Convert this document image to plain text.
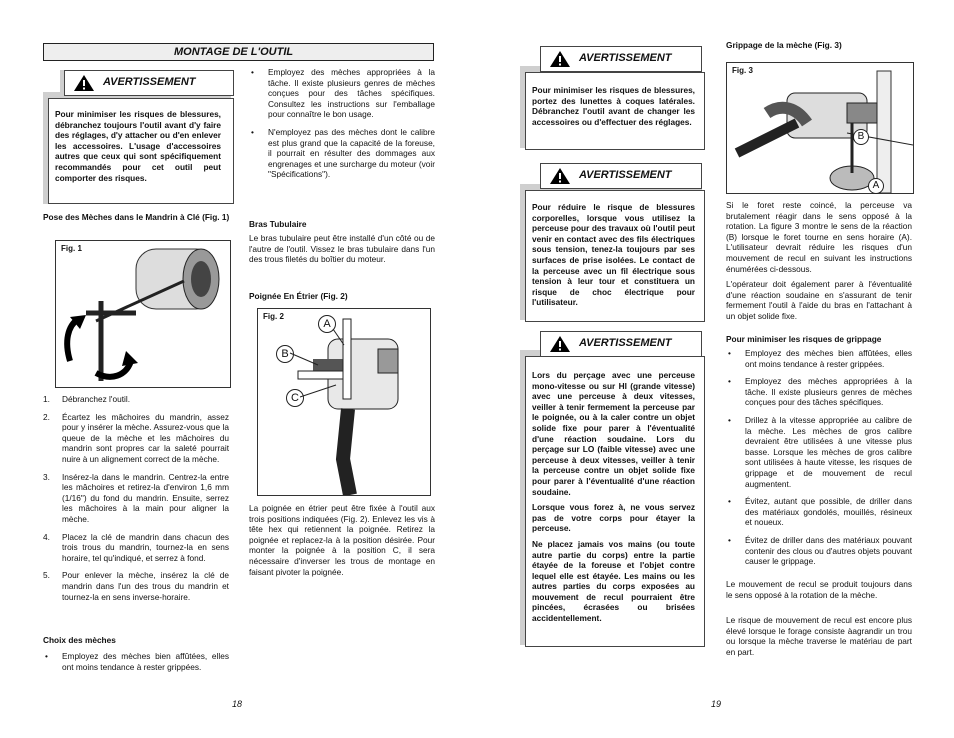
MONTAGE DE L'OUTIL
AVERTISSEMENT
Pour minimiser les risques de blessures, débranchez toujours l'outil avant d'y faire des réglages, d'y attacher ou d'en enlever les accessoires. L'usage d'accessoires autres que ceux qui sont spécifiquement recommandés pour cet outil peut comporter des risques.
Pose des Mèches dans le Mandrin à Clé (Fig. 1)
Fig. 1
1. Débranchez l'outil.
2. Écartez les mâchoires du mandrin, assez pour y insérer la mèche. Assurez-vous que la queue de la mèche et les mâchoires du mandrin sont propres car la saleté pourrait nuire à un alignement correct de la mèche.
3. Insérez-la dans le mandrin. Centrez-la entre les mâchoires et retirez-la d'environ 1,6 mm (1/16") du fond du mandrin. Ensuite, serrez les mâchoires à la main pour aligner la mèche.
4. Placez la clé de mandrin dans chacun des trois trous du mandrin, tournez-la en sens horaire, tel qu'indiqué, et serrez à fond.
5. Pour enlever la mèche, insérez la clé de mandrin dans l'un des trous du mandrin et tournez-la en sens inverse-horaire.
Choix des mèches
• Employez des mèches bien affûtées, elles ont moins tendance à rester grippées.
• Employez des mèches appropriées à la tâche. Il existe plusieurs genres de mèches conçues pour des tâches spécifiques. Consultez les instructions sur l'emballage pour connaître le bon usage.
• N'employez pas des mèches dont le calibre est plus grand que la capacité de la foreuse, il pourrait en résulter des dommages aux engrenages et une surcharge du moteur (voir "Spécifications").
Bras Tubulaire
Le bras tubulaire peut être installé d'un côté ou de l'autre de l'outil. Vissez le bras tubulaire dans l'un des trous filetés du boîtier du moteur.
Poignée En Étrier (Fig. 2)
Fig. 2
A
B
C
La poignée en étrier peut être fixée à l'outil aux trois positions indiquées (Fig. 2). Enlevez les vis à tête hex qui retiennent la poignée. Retirez la poignée et replacez-la à la position désirée. Pour monter la poignée à la position C, il sera nécessaire d'inverser les trous de montage en faisant pivoter la poignée.
18
AVERTISSEMENT
Pour minimiser les risques de blessures, portez des lunettes à coques latérales. Débranchez l'outil avant de changer les accessoires ou d'effectuer des réglages.
AVERTISSEMENT
Pour réduire le risque de blessures corporelles, lorsque vous utilisez la perceuse pour des travaux où l'outil peut venir en contact avec des fils électriques sous tension, tenez-la toujours par ses surfaces de prise isolées. Le contact de la perceuse avec un fil électrique sous tension à leur tour et constituera un risque de choc électrique pour l'utilisateur.
AVERTISSEMENT
Lors du perçage avec une perceuse mono-vitesse ou sur HI (grande vitesse) avec une perceuse à deux vitesses, veiller à tenir fermement la perceuse par le poignée, ou à la caler contre un objet solide fixe pour parer à l'éventualité d'une réaction soudaine. Lors du perçage sur LO (faible vitesse) avec une perceuse à deux vitesses, veiller à tenir la perceuse contre un objet solide fixe pour parer à l'éventualité d'une réaction soudaine.
Lorsque vous forez à, ne vous servez pas de votre corps pour étayer la perceuse.
Ne placez jamais vos mains (ou toute autre partie du corps) entre la partie étayée de la foreuse et l'objet contre lequel elle est étayée. Les mains ou les autres parties du corps exposées au mouvement de recul pourraient être pincées, écrasées ou brisées accidentellement.
Grippage de la mèche (Fig. 3)
Fig. 3
B
A
Si le foret reste coincé, la perceuse va brutalement réagir dans le sens opposé à la rotation. La figure 3 montre le sens de la réaction (B) lorsque le foret tourne en sens horaire (A). L'utilisateur devrait réduire les risques d'un mouvement de recul en suivant les instructions énumérées ci-dessous.
L'opérateur doit également parer à l'éventualité d'une réaction soudaine en s'assurant de tenir fermement l'outil à l'aide du bras en l'attachant à un objet solide fixe.
Pour minimiser les risques de grippage
• Employez des mèches bien affûtées, elles ont moins tendance à rester grippées.
• Employez des mèches appropriées à la tâche. Il existe plusieurs genres de mèches conçues pour des tâches spécifiques.
• Drillez à la vitesse appropriée au calibre de la mèche. Les mèches de gros calibre devraient être utilisées à une vitesse plus basse. Lorsque les mèches de gros calibre sont utilisées à haute vitesse, les risques de grippage et de mouvement de recul augmentent.
• Évitez, autant que possible, de driller dans des matériaux gondolés, mouillés, résineux et noueux.
• Évitez de driller dans des matériaux pouvant contenir des clous ou d'autres objets pouvant causer le grippage.
Le mouvement de recul se produit toujours dans le sens opposé à la rotation de la mèche.
Le risque de mouvement de recul est encore plus élevé lorsque le forage consiste àagrandir un trou ou lorsque la mèche traverse le matériau de part en part.
19
